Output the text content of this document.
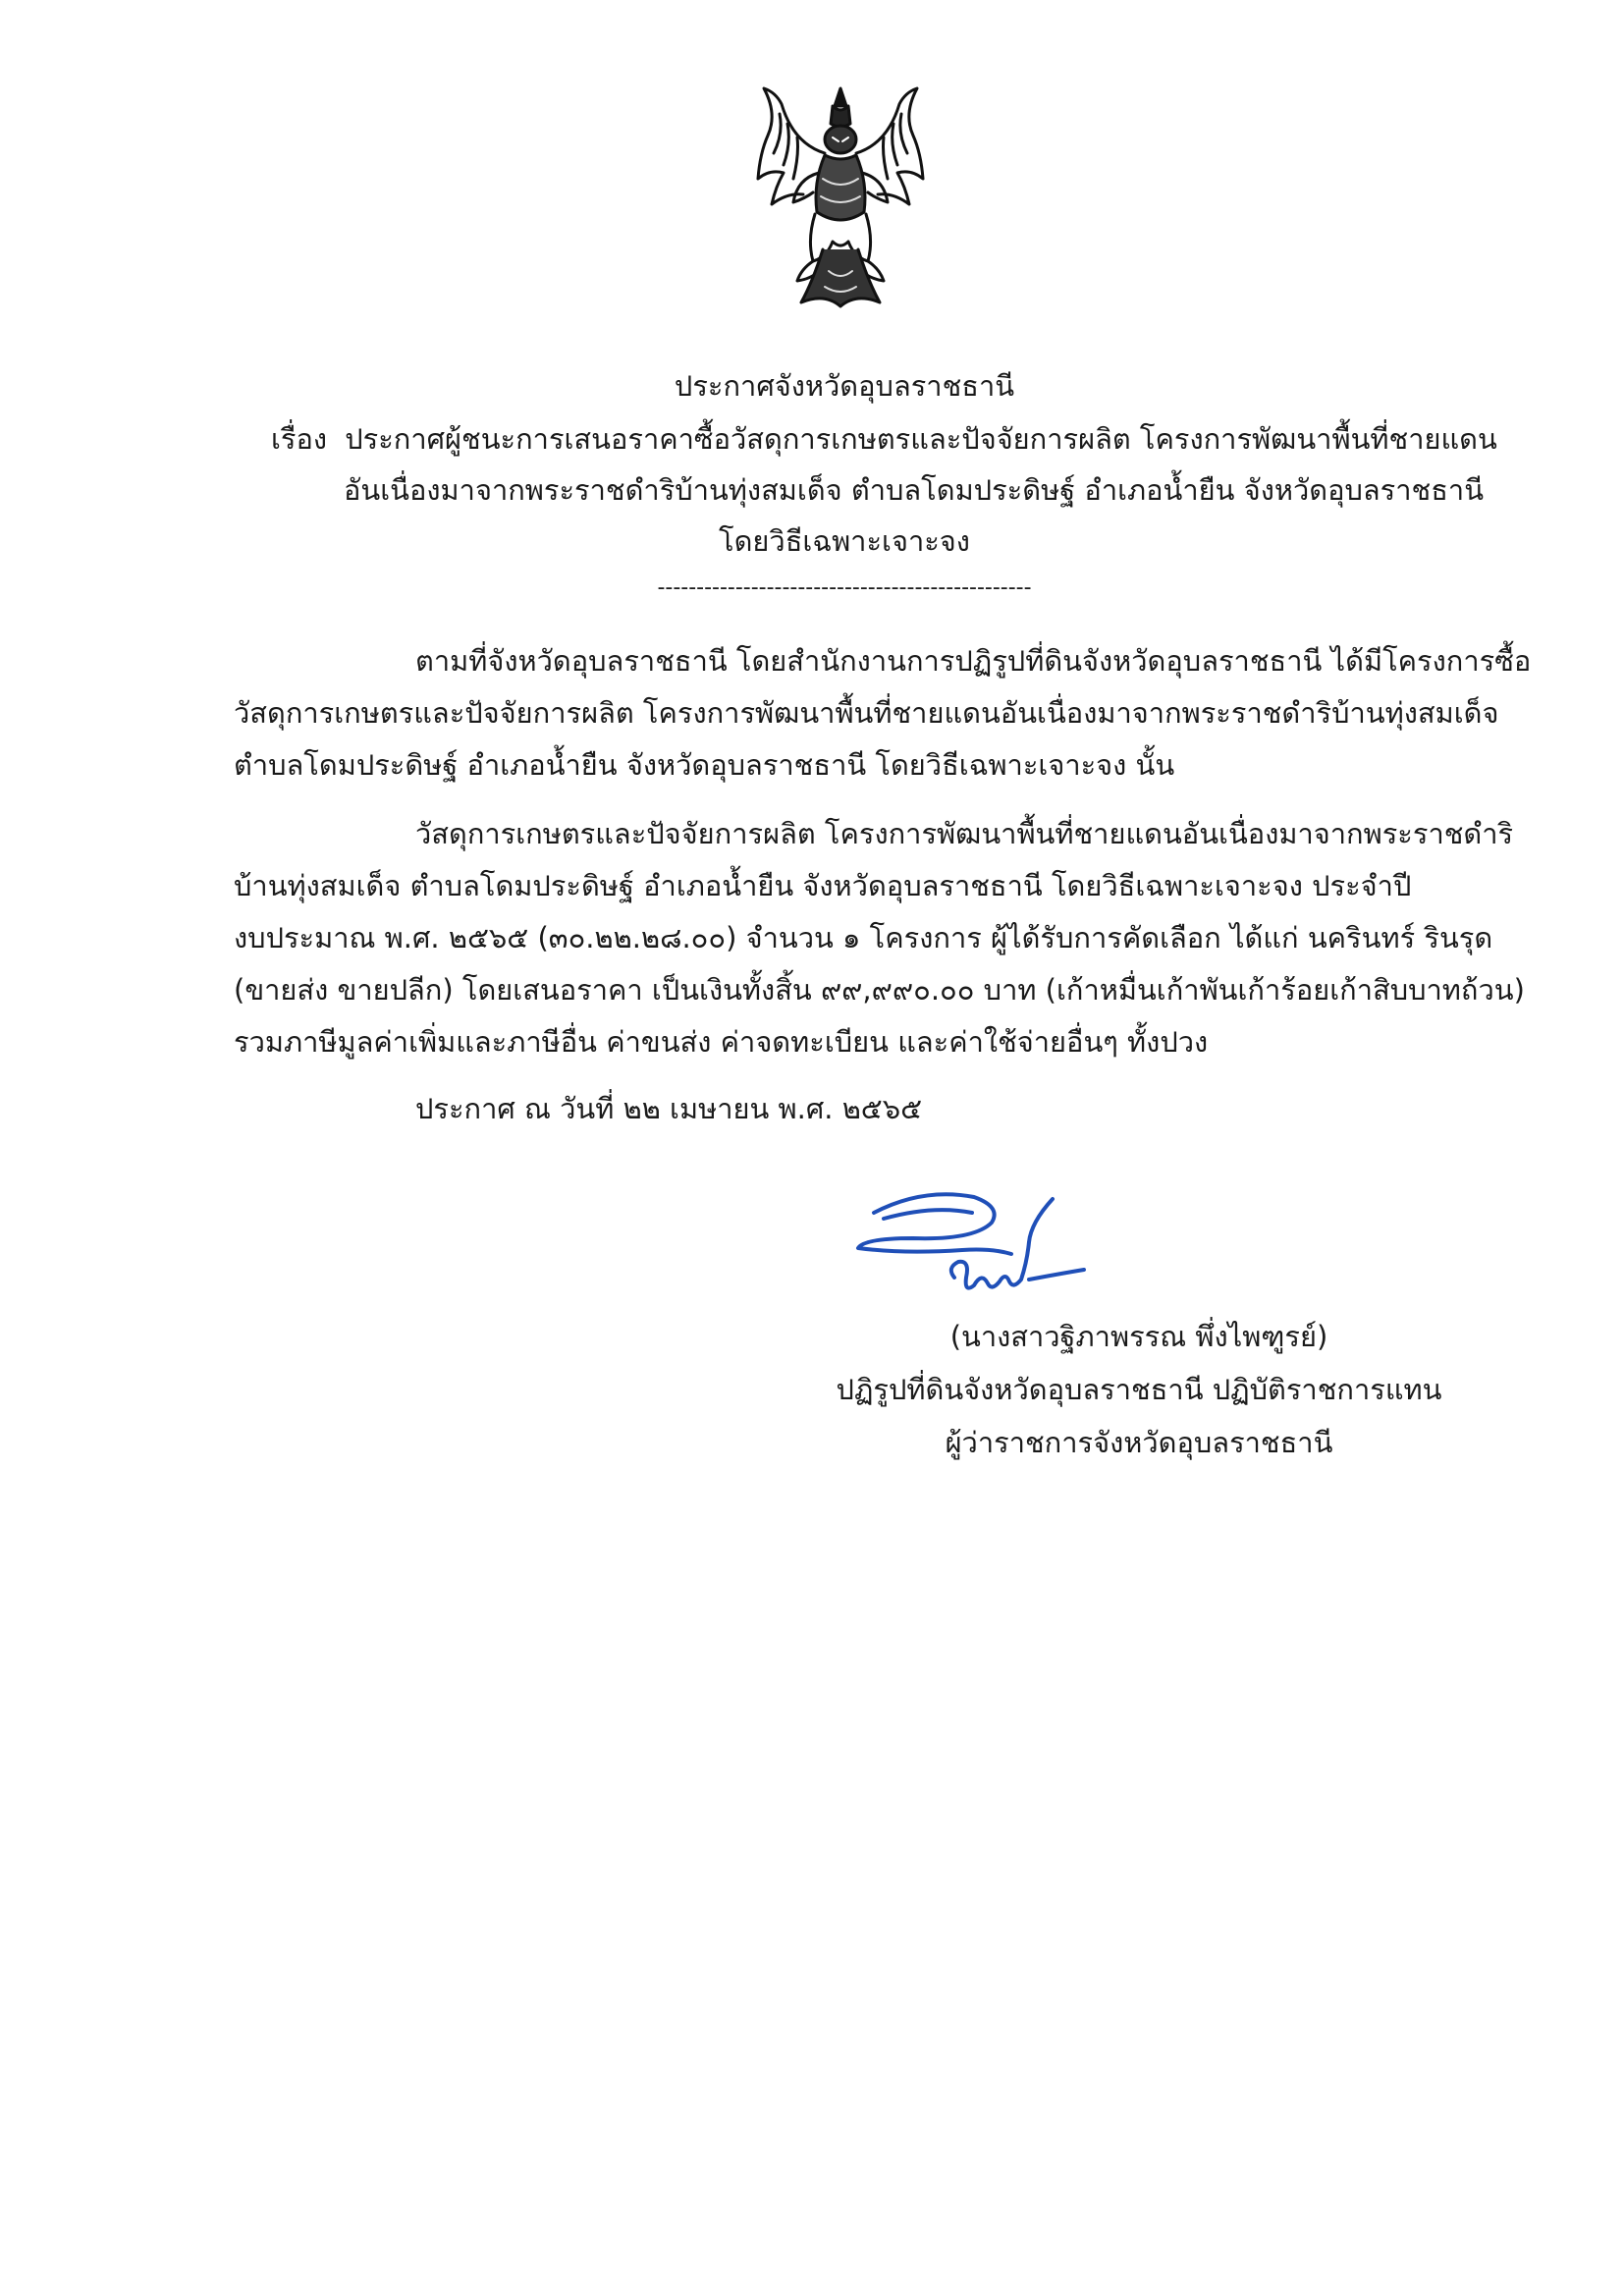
ประกาศจังหวัดอุบลราชธานี
เรื่อง ประกาศผู้ชนะการเสนอราคาซื้อวัสดุการเกษตรและปัจจัยการผลิต โครงการพัฒนาพื้นที่ชายแดน
อันเนื่องมาจากพระราชดำริบ้านทุ่งสมเด็จ ตำบลโดมประดิษฐ์ อำเภอน้ำยืน จังหวัดอุบลราชธานี
โดยวิธีเฉพาะเจาะจง
------------------------------------------------
ตามที่จังหวัดอุบลราชธานี โดยสำนักงานการปฏิรูปที่ดินจังหวัดอุบลราชธานี ได้มีโครงการซื้อ
วัสดุการเกษตรและปัจจัยการผลิต โครงการพัฒนาพื้นที่ชายแดนอันเนื่องมาจากพระราชดำริบ้านทุ่งสมเด็จ
ตำบลโดมประดิษฐ์ อำเภอน้ำยืน จังหวัดอุบลราชธานี โดยวิธีเฉพาะเจาะจง นั้น
วัสดุการเกษตรและปัจจัยการผลิต โครงการพัฒนาพื้นที่ชายแดนอันเนื่องมาจากพระราชดำริ
บ้านทุ่งสมเด็จ ตำบลโดมประดิษฐ์ อำเภอน้ำยืน จังหวัดอุบลราชธานี โดยวิธีเฉพาะเจาะจง ประจำปี
งบประมาณ พ.ศ. ๒๕๖๕ (๓๐.๒๒.๒๘.๐๐) จำนวน ๑ โครงการ ผู้ได้รับการคัดเลือก ได้แก่ นครินทร์ รินรุด
(ขายส่ง ขายปลีก) โดยเสนอราคา เป็นเงินทั้งสิ้น ๙๙,๙๙๐.๐๐ บาท (เก้าหมื่นเก้าพันเก้าร้อยเก้าสิบบาทถ้วน)
รวมภาษีมูลค่าเพิ่มและภาษีอื่น ค่าขนส่ง ค่าจดทะเบียน และค่าใช้จ่ายอื่นๆ ทั้งปวง
ประกาศ ณ วันที่ ๒๒ เมษายน พ.ศ. ๒๕๖๕
(นางสาวฐิภาพรรณ พึ่งไพฑูรย์)
ปฏิรูปที่ดินจังหวัดอุบลราชธานี ปฏิบัติราชการแทน
ผู้ว่าราชการจังหวัดอุบลราชธานี
